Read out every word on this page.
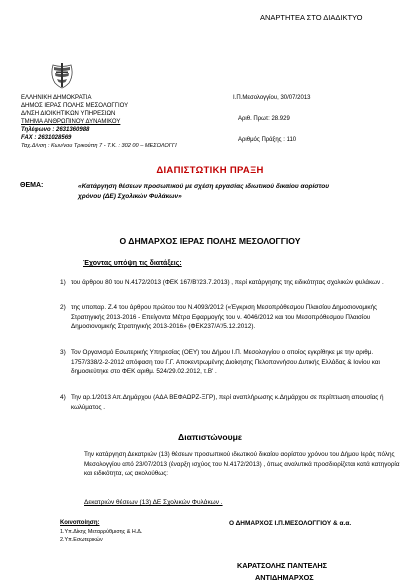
ΑΝΑΡΤΗΤΕΑ ΣΤΟ ΔΙΑΔΙΚΤΥΟ
ΕΛΛΗΝΙΚΗ ΔΗΜΟΚΡΑΤΙΑ
ΔΗΜΟΣ ΙΕΡΑΣ ΠΟΛΗΣ ΜΕΣΟΛΟΓΓΙΟΥ
Δ/ΝΣΗ ΔΙΟΙΚΗΤΙΚΩΝ ΥΠΗΡΕΣΙΩΝ
ΤΜΗΜΑ ΑΝΘΡΩΠΙΝΟΥ ΔΥΝΑΜΙΚΟΥ
Τηλέφωνο : 2631360988
FAX : 2631028569
Ταχ.Δ/νση : Κων/νου Τρικούπη 7 - Τ.Κ. : 302 00 – ΜΕΣΟΛΟΓΓΙ
Ι.Π.Μεσολογγίου, 30/07/2013
Αριθ. Πρωτ: 28.929
Αριθμός Πράξης : 110
ΔΙΑΠΙΣΤΩΤΙΚΗ ΠΡΑΞΗ
ΘΕΜΑ:	«Κατάργηση θέσεων προσωπικού με σχέση εργασίας ιδιωτικού δικαίου αορίστου
χρόνου (ΔΕ) Σχολικών Φυλάκων»
Ο ΔΗΜΑΡΧΟΣ ΙΕΡΑΣ ΠΟΛΗΣ ΜΕΣΟΛΟΓΓΙΟΥ
Έχοντας υπόψη τις διατάξεις:
1) του άρθρου 80 του Ν.4172/2013 (ΦΕΚ 167/Β'/23.7.2013) , περί κατάργησης της ειδικότητας σχολικών φυλάκων .
2) της υποπαρ. Ζ.4 του άρθρου πρώτου του Ν.4093/2012 («Έγκριση Μεσοπρόθεσμου Πλαισίου Δημοσιονομικής Στρατηγικής 2013-2016 - Επείγοντα Μέτρα Εφαρμογής του ν. 4046/2012 και του Μεσοπρόθεσμου Πλαισίου Δημοσιονομικής Στρατηγικής 2013-2016» (ΦΕΚ237/Α'/5.12.2012).
3) Τον Οργανισμό Εσωτερικής Υπηρεσίας (ΟΕΥ) του Δήμου Ι.Π. Μεσολογγίου ο οποίος εγκρίθηκε με την αριθμ. 1757/338/2-2-2012 απόφαση του Γ.Γ. Αποκεντρωμένης Διοίκησης Πελοποννήσου Δυτικής Ελλάδας & Ιονίου και δημοσιεύτηκε στο ΦΕΚ αριθμ. 524/29.02.2012, τ.Β' .
4) Την αρ.1/2013 Απ.Δημάρχου (ΑΔΑ ΒΕΦΑΩΡΖ-ΞΓΡ), περί αναπλήρωσης κ.Δημάρχου σε περίπτωση απουσίας ή κωλύματος .
Διαπιστώνουμε
Την κατάργηση Δεκατριών (13) θέσεων προσωπικού ιδιωτικού δικαίου αορίστου χρόνου του Δήμου Ιεράς πόλης Μεσολογγίου από 23/07/2013 (έναρξη ισχύος του Ν.4172/2013) , όπως αναλυτικά προσδιορίζεται κατά κατηγορία και ειδικότητα, ως ακολούθως:
Δεκατριών θέσεων (13) ΔΕ Σχολικών Φυλάκων .
Κοινοποίηση:
1.Υπ.Δίκης Μεταρρύθμισης & Η.Δ.
2.Υπ.Εσωτερικών
Ο ΔΗΜΑΡΧΟΣ Ι.Π.ΜΕΣΟΛΟΓΓΙΟΥ & α.α.
ΚΑΡΑΤΣΟΛΗΣ ΠΑΝΤΕΛΗΣ
ΑΝΤΙΔΗΜΑΡΧΟΣ
